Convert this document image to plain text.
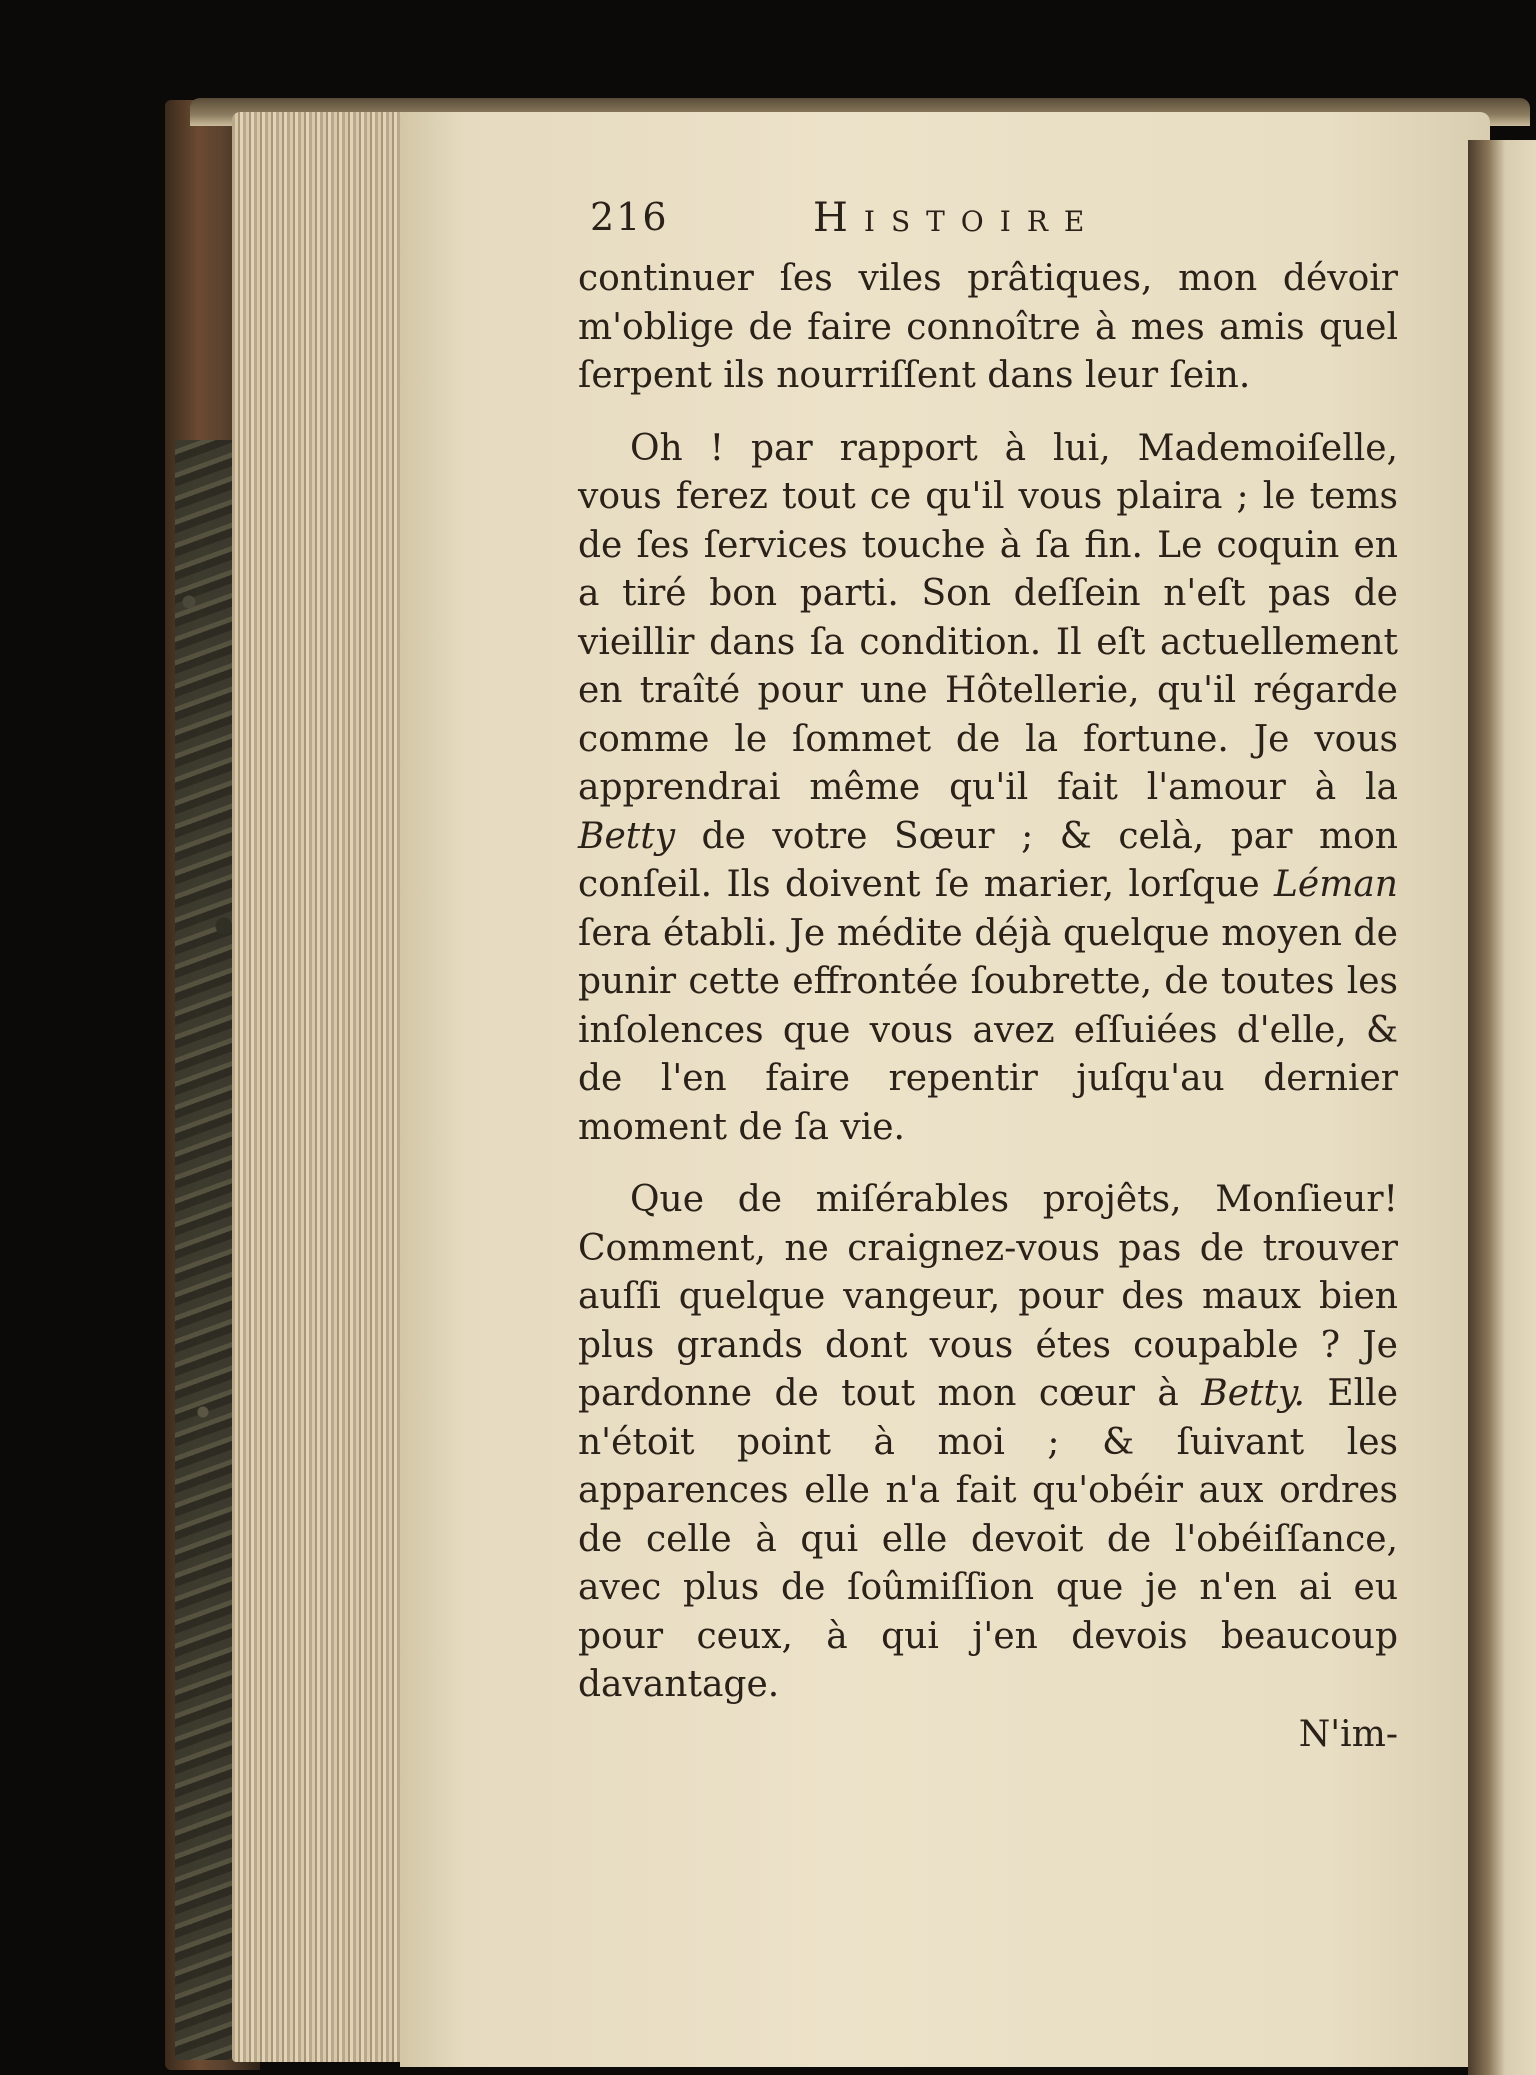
216	Histoire

continuer ſes viles prâtiques, mon dévoir m'oblige de faire connoître à mes amis quel ſerpent ils nourriſſent dans leur ſein.

Oh ! par rapport à lui, Mademoiſelle, vous ferez tout ce qu'il vous plaira ; le tems de ſes ſervices touche à ſa fin. Le coquin en a tiré bon parti. Son deſſein n'eſt pas de vieillir dans ſa condition. Il eſt actuellement en traîté pour une Hôtellerie, qu'il régarde comme le ſommet de la fortune. Je vous apprendrai même qu'il fait l'amour à la Betty de votre Sœur ; & celà, par mon conſeil. Ils doivent ſe marier, lorſque Léman ſera établi. Je médite déjà quelque moyen de punir cette effrontée ſoubrette, de toutes les inſolences que vous avez eſſuiées d'elle, & de l'en faire repentir juſqu'au dernier moment de ſa vie.

Que de miſérables projêts, Monſieur! Comment, ne craignez-vous pas de trouver auſſi quelque vangeur, pour des maux bien plus grands dont vous étes coupable ? Je pardonne de tout mon cœur à Betty. Elle n'étoit point à moi ; & ſuivant les apparences elle n'a fait qu'obéir aux ordres de celle à qui elle devoit de l'obéiſſance, avec plus de ſoûmiſſion que je n'en ai eu pour ceux, à qui j'en devois beaucoup davantage.

N'im-
